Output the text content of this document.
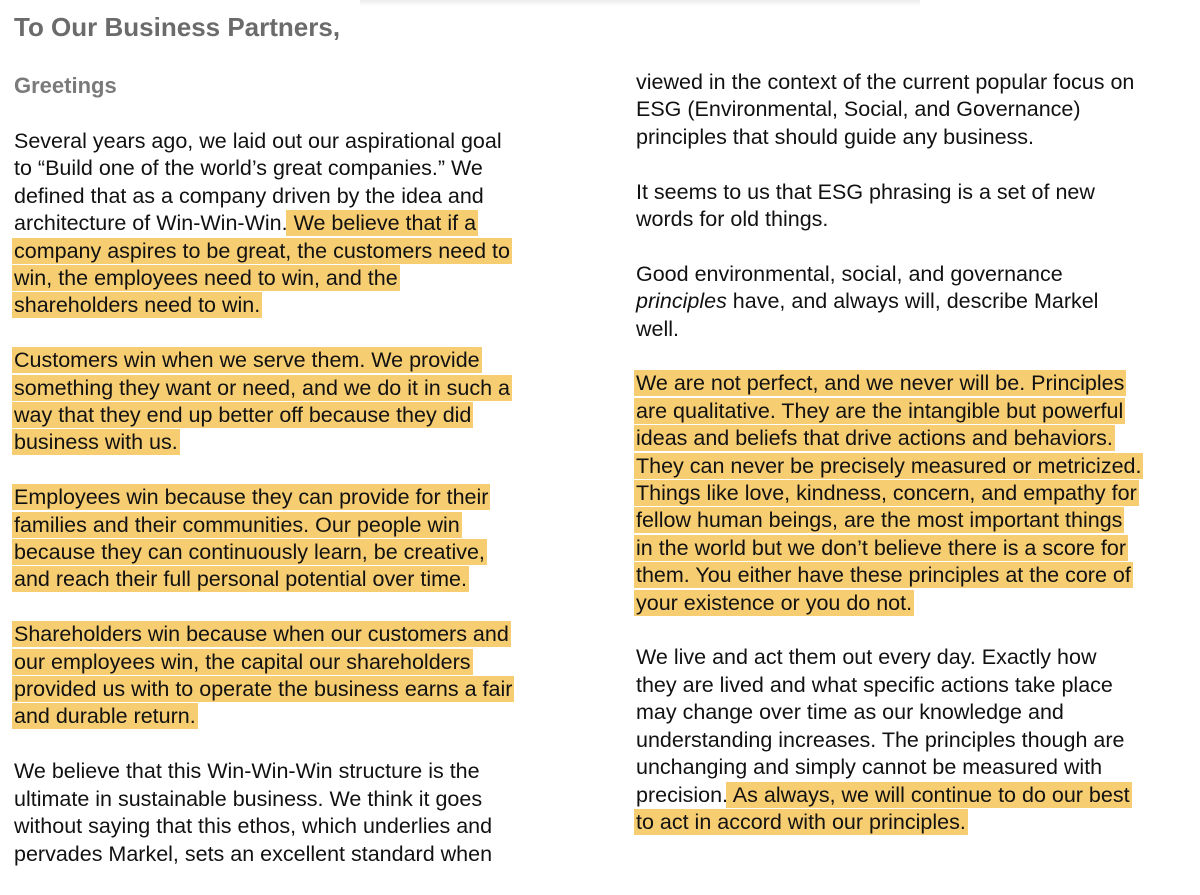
To Our Business Partners,
Greetings
Several years ago, we laid out our aspirational goal
to “Build one of the world’s great companies.” We
defined that as a company driven by the idea and
architecture of Win-Win-Win. We believe that if a
company aspires to be great, the customers need to
win, the employees need to win, and the
shareholders need to win.
Customers win when we serve them. We provide
something they want or need, and we do it in such a
way that they end up better off because they did
business with us.
Employees win because they can provide for their
families and their communities. Our people win
because they can continuously learn, be creative,
and reach their full personal potential over time.
Shareholders win because when our customers and
our employees win, the capital our shareholders
provided us with to operate the business earns a fair
and durable return.
We believe that this Win-Win-Win structure is the
ultimate in sustainable business. We think it goes
without saying that this ethos, which underlies and
pervades Markel, sets an excellent standard when
viewed in the context of the current popular focus on
ESG (Environmental, Social, and Governance)
principles that should guide any business.
It seems to us that ESG phrasing is a set of new
words for old things.
Good environmental, social, and governance
principles have, and always will, describe Markel
well.
We are not perfect, and we never will be. Principles
are qualitative. They are the intangible but powerful
ideas and beliefs that drive actions and behaviors.
They can never be precisely measured or metricized.
Things like love, kindness, concern, and empathy for
fellow human beings, are the most important things
in the world but we don’t believe there is a score for
them. You either have these principles at the core of
your existence or you do not.
We live and act them out every day. Exactly how
they are lived and what specific actions take place
may change over time as our knowledge and
understanding increases. The principles though are
unchanging and simply cannot be measured with
precision. As always, we will continue to do our best
to act in accord with our principles.
